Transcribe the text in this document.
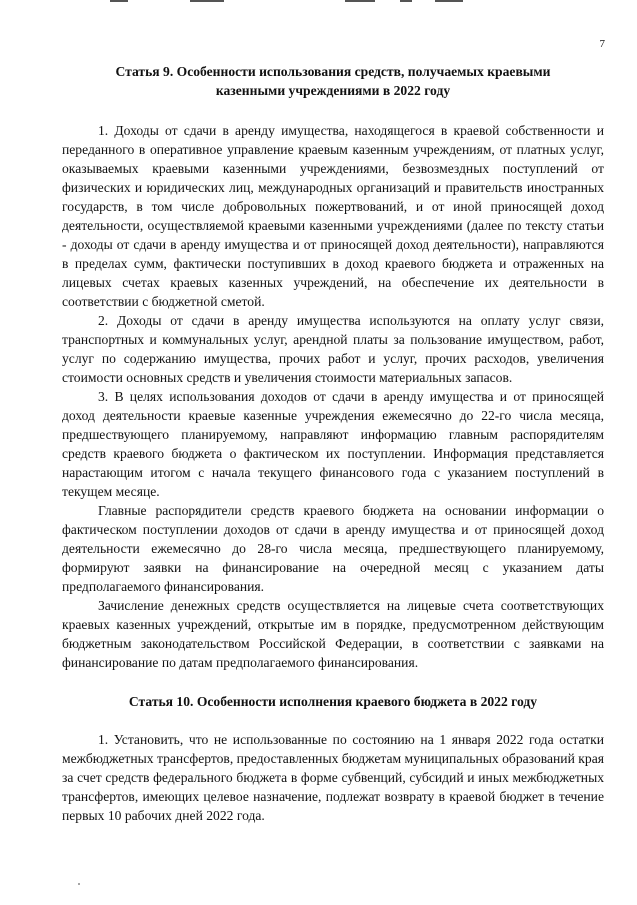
7
Статья 9. Особенности использования средств, получаемых краевыми казенными учреждениями в 2022 году

1. Доходы от сдачи в аренду имущества, находящегося в краевой собственности и переданного в оперативное управление краевым казенным учреждениям, от платных услуг, оказываемых краевыми казенными учреждениями, безвозмездных поступлений от физических и юридических лиц, международных организаций и правительств иностранных государств, в том числе добровольных пожертвований, и от иной приносящей доход деятельности, осуществляемой краевыми казенными учреждениями (далее по тексту статьи - доходы от сдачи в аренду имущества и от приносящей доход деятельности), направляются в пределах сумм, фактически поступивших в доход краевого бюджета и отраженных на лицевых счетах краевых казенных учреждений, на обеспечение их деятельности в соответствии с бюджетной сметой.

2. Доходы от сдачи в аренду имущества используются на оплату услуг связи, транспортных и коммунальных услуг, арендной платы за пользование имуществом, работ, услуг по содержанию имущества, прочих работ и услуг, прочих расходов, увеличения стоимости основных средств и увеличения стоимости материальных запасов.

3. В целях использования доходов от сдачи в аренду имущества и от приносящей доход деятельности краевые казенные учреждения ежемесячно до 22-го числа месяца, предшествующего планируемому, направляют информацию главным распорядителям средств краевого бюджета о фактическом их поступлении. Информация представляется нарастающим итогом с начала текущего финансового года с указанием поступлений в текущем месяце.

Главные распорядители средств краевого бюджета на основании информации о фактическом поступлении доходов от сдачи в аренду имущества и от приносящей доход деятельности ежемесячно до 28-го числа месяца, предшествующего планируемому, формируют заявки на финансирование на очередной месяц с указанием даты предполагаемого финансирования.

Зачисление денежных средств осуществляется на лицевые счета соответствующих краевых казенных учреждений, открытые им в порядке, предусмотренном действующим бюджетным законодательством Российской Федерации, в соответствии с заявками на финансирование по датам предполагаемого финансирования.

Статья 10. Особенности исполнения краевого бюджета в 2022 году

1. Установить, что не использованные по состоянию на 1 января 2022 года остатки межбюджетных трансфертов, предоставленных бюджетам муниципальных образований края за счет средств федерального бюджета в форме субвенций, субсидий и иных межбюджетных трансфертов, имеющих целевое назначение, подлежат возврату в краевой бюджет в течение первых 10 рабочих дней 2022 года.
